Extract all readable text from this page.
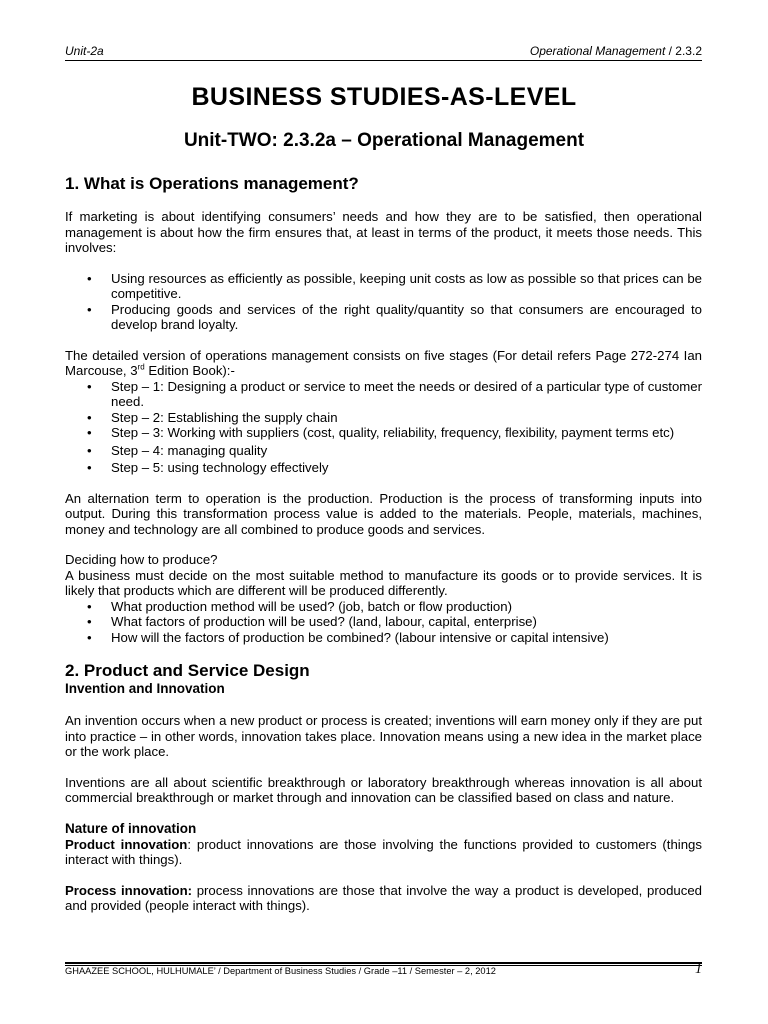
Unit-2a	Operational Management / 2.3.2
BUSINESS STUDIES-AS-LEVEL
Unit-TWO: 2.3.2a – Operational Management
1. What is Operations management?

If marketing is about identifying consumers’ needs and how they are to be satisfied, then operational management is about how the firm ensures that, at least in terms of the product, it meets those needs. This involves:

• Using resources as efficiently as possible, keeping unit costs as low as possible so that prices can be competitive.
• Producing goods and services of the right quality/quantity so that consumers are encouraged to develop brand loyalty.

The detailed version of operations management consists on five stages (For detail refers Page 272-274 Ian Marcouse, 3rd Edition Book):-

• Step – 1: Designing a product or service to meet the needs or desired of a particular type of customer need.
• Step – 2: Establishing the supply chain
• Step – 3: Working with suppliers (cost, quality, reliability, frequency, flexibility, payment terms etc)
• Step – 4: managing quality
• Step – 5: using technology effectively

An alternation term to operation is the production. Production is the process of transforming inputs into output. During this transformation process value is added to the materials. People, materials, machines, money and technology are all combined to produce goods and services.

Deciding how to produce?

A business must decide on the most suitable method to manufacture its goods or to provide services. It is likely that products which are different will be produced differently.

• What production method will be used? (job, batch or flow production)
• What factors of production will be used? (land, labour, capital, enterprise)
• How will the factors of production be combined? (labour intensive or capital intensive)
2. Product and Service Design
Invention and Innovation

An invention occurs when a new product or process is created; inventions will earn money only if they are put into practice – in other words, innovation takes place. Innovation means using a new idea in the market place or the work place.

Inventions are all about scientific breakthrough or laboratory breakthrough whereas innovation is all about commercial breakthrough or market through and innovation can be classified based on class and nature.

Nature of innovation

Product innovation: product innovations are those involving the functions provided to customers (things interact with things).

Process innovation: process innovations are those that involve the way a product is developed, produced and provided (people interact with things).

GHAAZEE SCHOOL, HULHUMALE’ / Department of Business Studies / Grade –11 / Semester – 2, 2012	1
